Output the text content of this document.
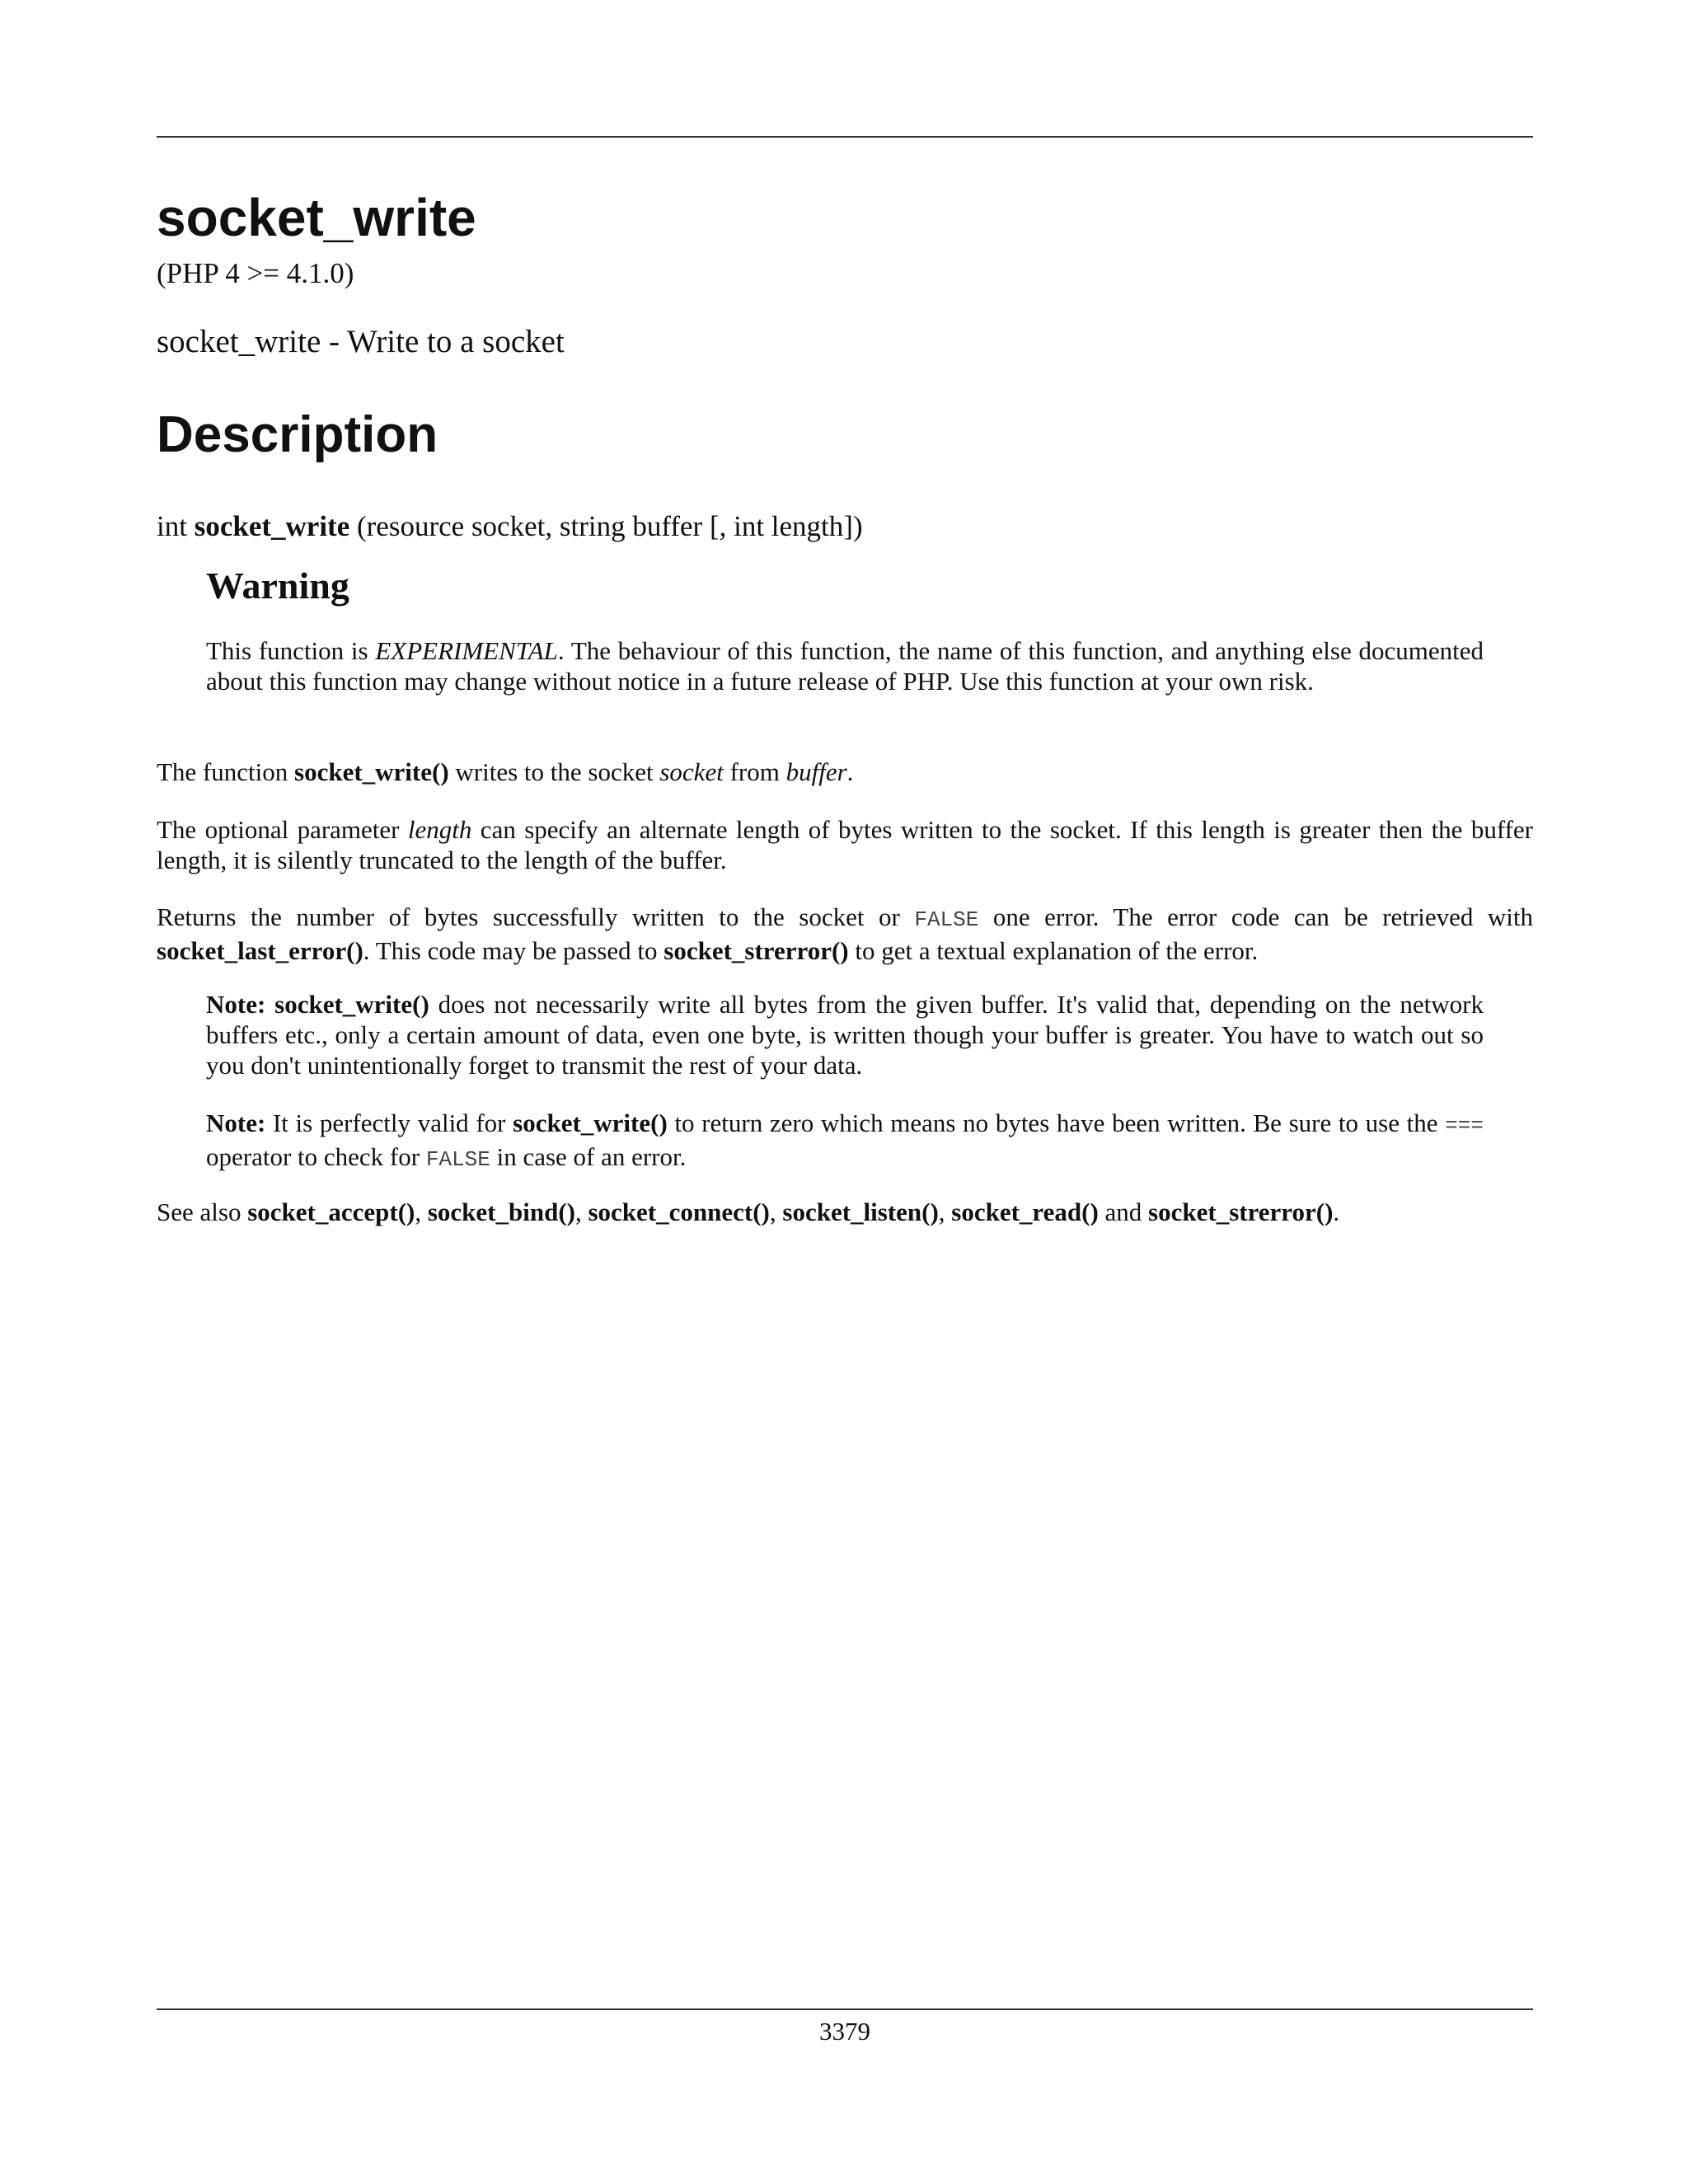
socket_write
(PHP 4 >= 4.1.0)
socket_write - Write to a socket
Description
int socket_write (resource socket, string buffer [, int length])
Warning
This function is EXPERIMENTAL. The behaviour of this function, the name of this function, and anything else documented about this function may change without notice in a future release of PHP. Use this function at your own risk.
The function socket_write() writes to the socket socket from buffer.
The optional parameter length can specify an alternate length of bytes written to the socket. If this length is greater then the buffer length, it is silently truncated to the length of the buffer.
Returns the number of bytes successfully written to the socket or FALSE one error. The error code can be retrieved with socket_last_error(). This code may be passed to socket_strerror() to get a textual explanation of the error.
Note: socket_write() does not necessarily write all bytes from the given buffer. It's valid that, depending on the network buffers etc., only a certain amount of data, even one byte, is written though your buffer is greater. You have to watch out so you don't unintentionally forget to transmit the rest of your data.
Note: It is perfectly valid for socket_write() to return zero which means no bytes have been written. Be sure to use the === operator to check for FALSE in case of an error.
See also socket_accept(), socket_bind(), socket_connect(), socket_listen(), socket_read() and socket_strerror().
3379
